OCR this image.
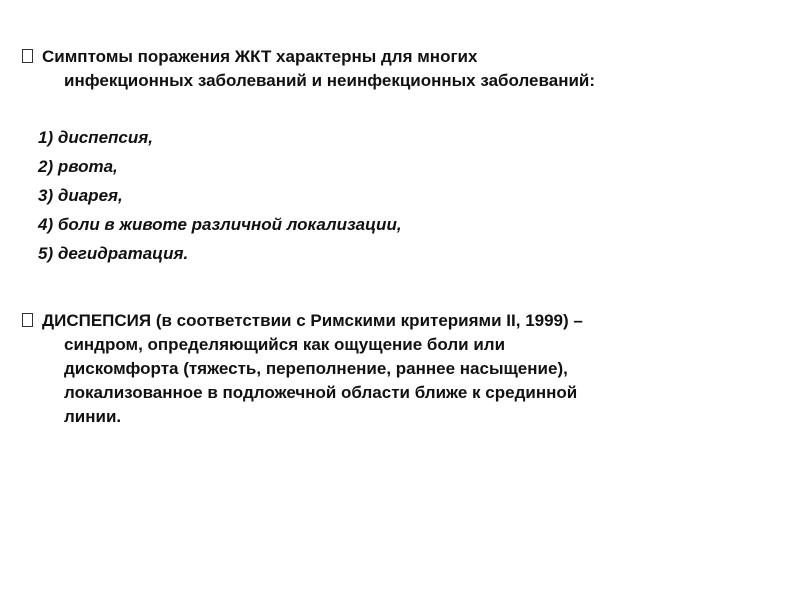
Симптомы поражения ЖКТ характерны для многих
инфекционных заболеваний и неинфекционных заболеваний:

1) диспепсия,
2) рвота,
3) диарея,
4) боли в животе различной локализации,
5) дегидратация.

ДИСПЕПСИЯ (в соответствии с Римскими критериями II, 1999) –
синдром, определяющийся как ощущение боли или
дискомфорта (тяжесть, переполнение, раннее насыщение),
локализованное в подложечной области ближе к срединной
линии.
